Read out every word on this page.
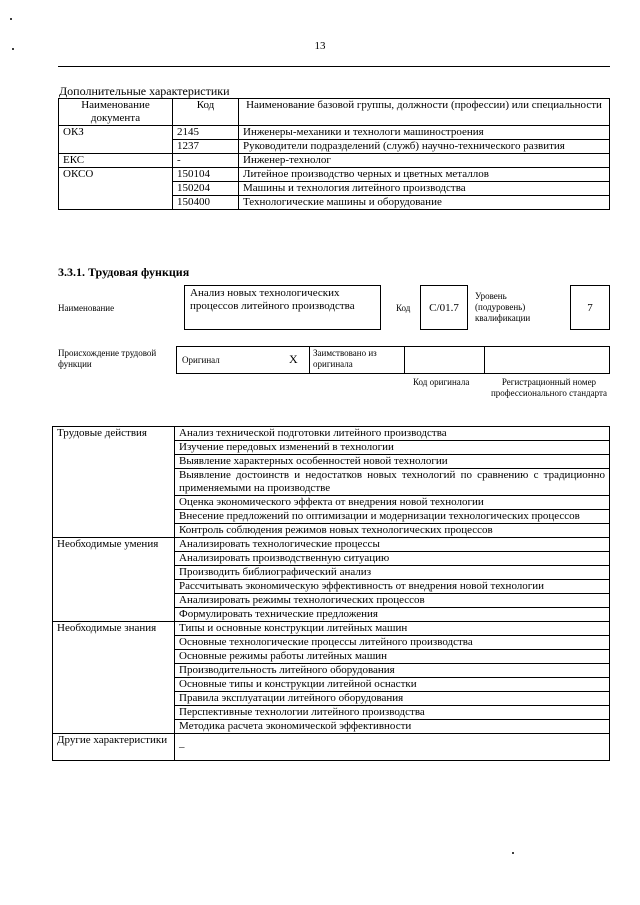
13
Дополнительные характеристики
Наименование документа	Код	Наименование базовой группы, должности (профессии) или специальности
ОКЗ	2145	Инженеры-механики и технологи машиностроения
	1237	Руководители подразделений (служб) научно-технического развития
ЕКС	-	Инженер-технолог
ОКСО	150104	Литейное производство черных и цветных металлов
	150204	Машины и технология литейного производства
	150400	Технологические машины и оборудование
3.3.1. Трудовая функция
Наименование
Анализ новых технологических процессов литейного производства	Код	C/01.7
Уровень (подуровень) квалификации
7
Происхождение трудовой функции	Оригинал	X Заимствовано из оригинала
Код оригинала	Регистрационный номер профессионального стандарта
Трудовые действия	Анализ технической подготовки литейного производства
	Изучение передовых изменений в технологии
	Выявление характерных особенностей новой технологии
	Выявление достоинств и недостатков новых технологий по сравнению с традиционно применяемыми на производстве
	Оценка экономического эффекта от внедрения новой технологии
	Внесение предложений по оптимизации и модернизации технологических процессов
	Контроль соблюдения режимов новых технологических процессов
Необходимые умения	Анализировать технологические процессы
	Анализировать производственную ситуацию
	Производить библиографический анализ
	Рассчитывать экономическую эффективность от внедрения новой технологии
	Анализировать режимы технологических процессов
	Формулировать технические предложения
Необходимые знания	Типы и основные конструкции литейных машин
	Основные технологические процессы литейного производства
	Основные режимы работы литейных машин
	Производительность литейного оборудования
	Основные типы и конструкции литейной оснастки
	Правила эксплуатации литейного оборудования
	Перспективные технологии литейного производства
	Методика расчета экономической эффективности
Другие характеристики	–
